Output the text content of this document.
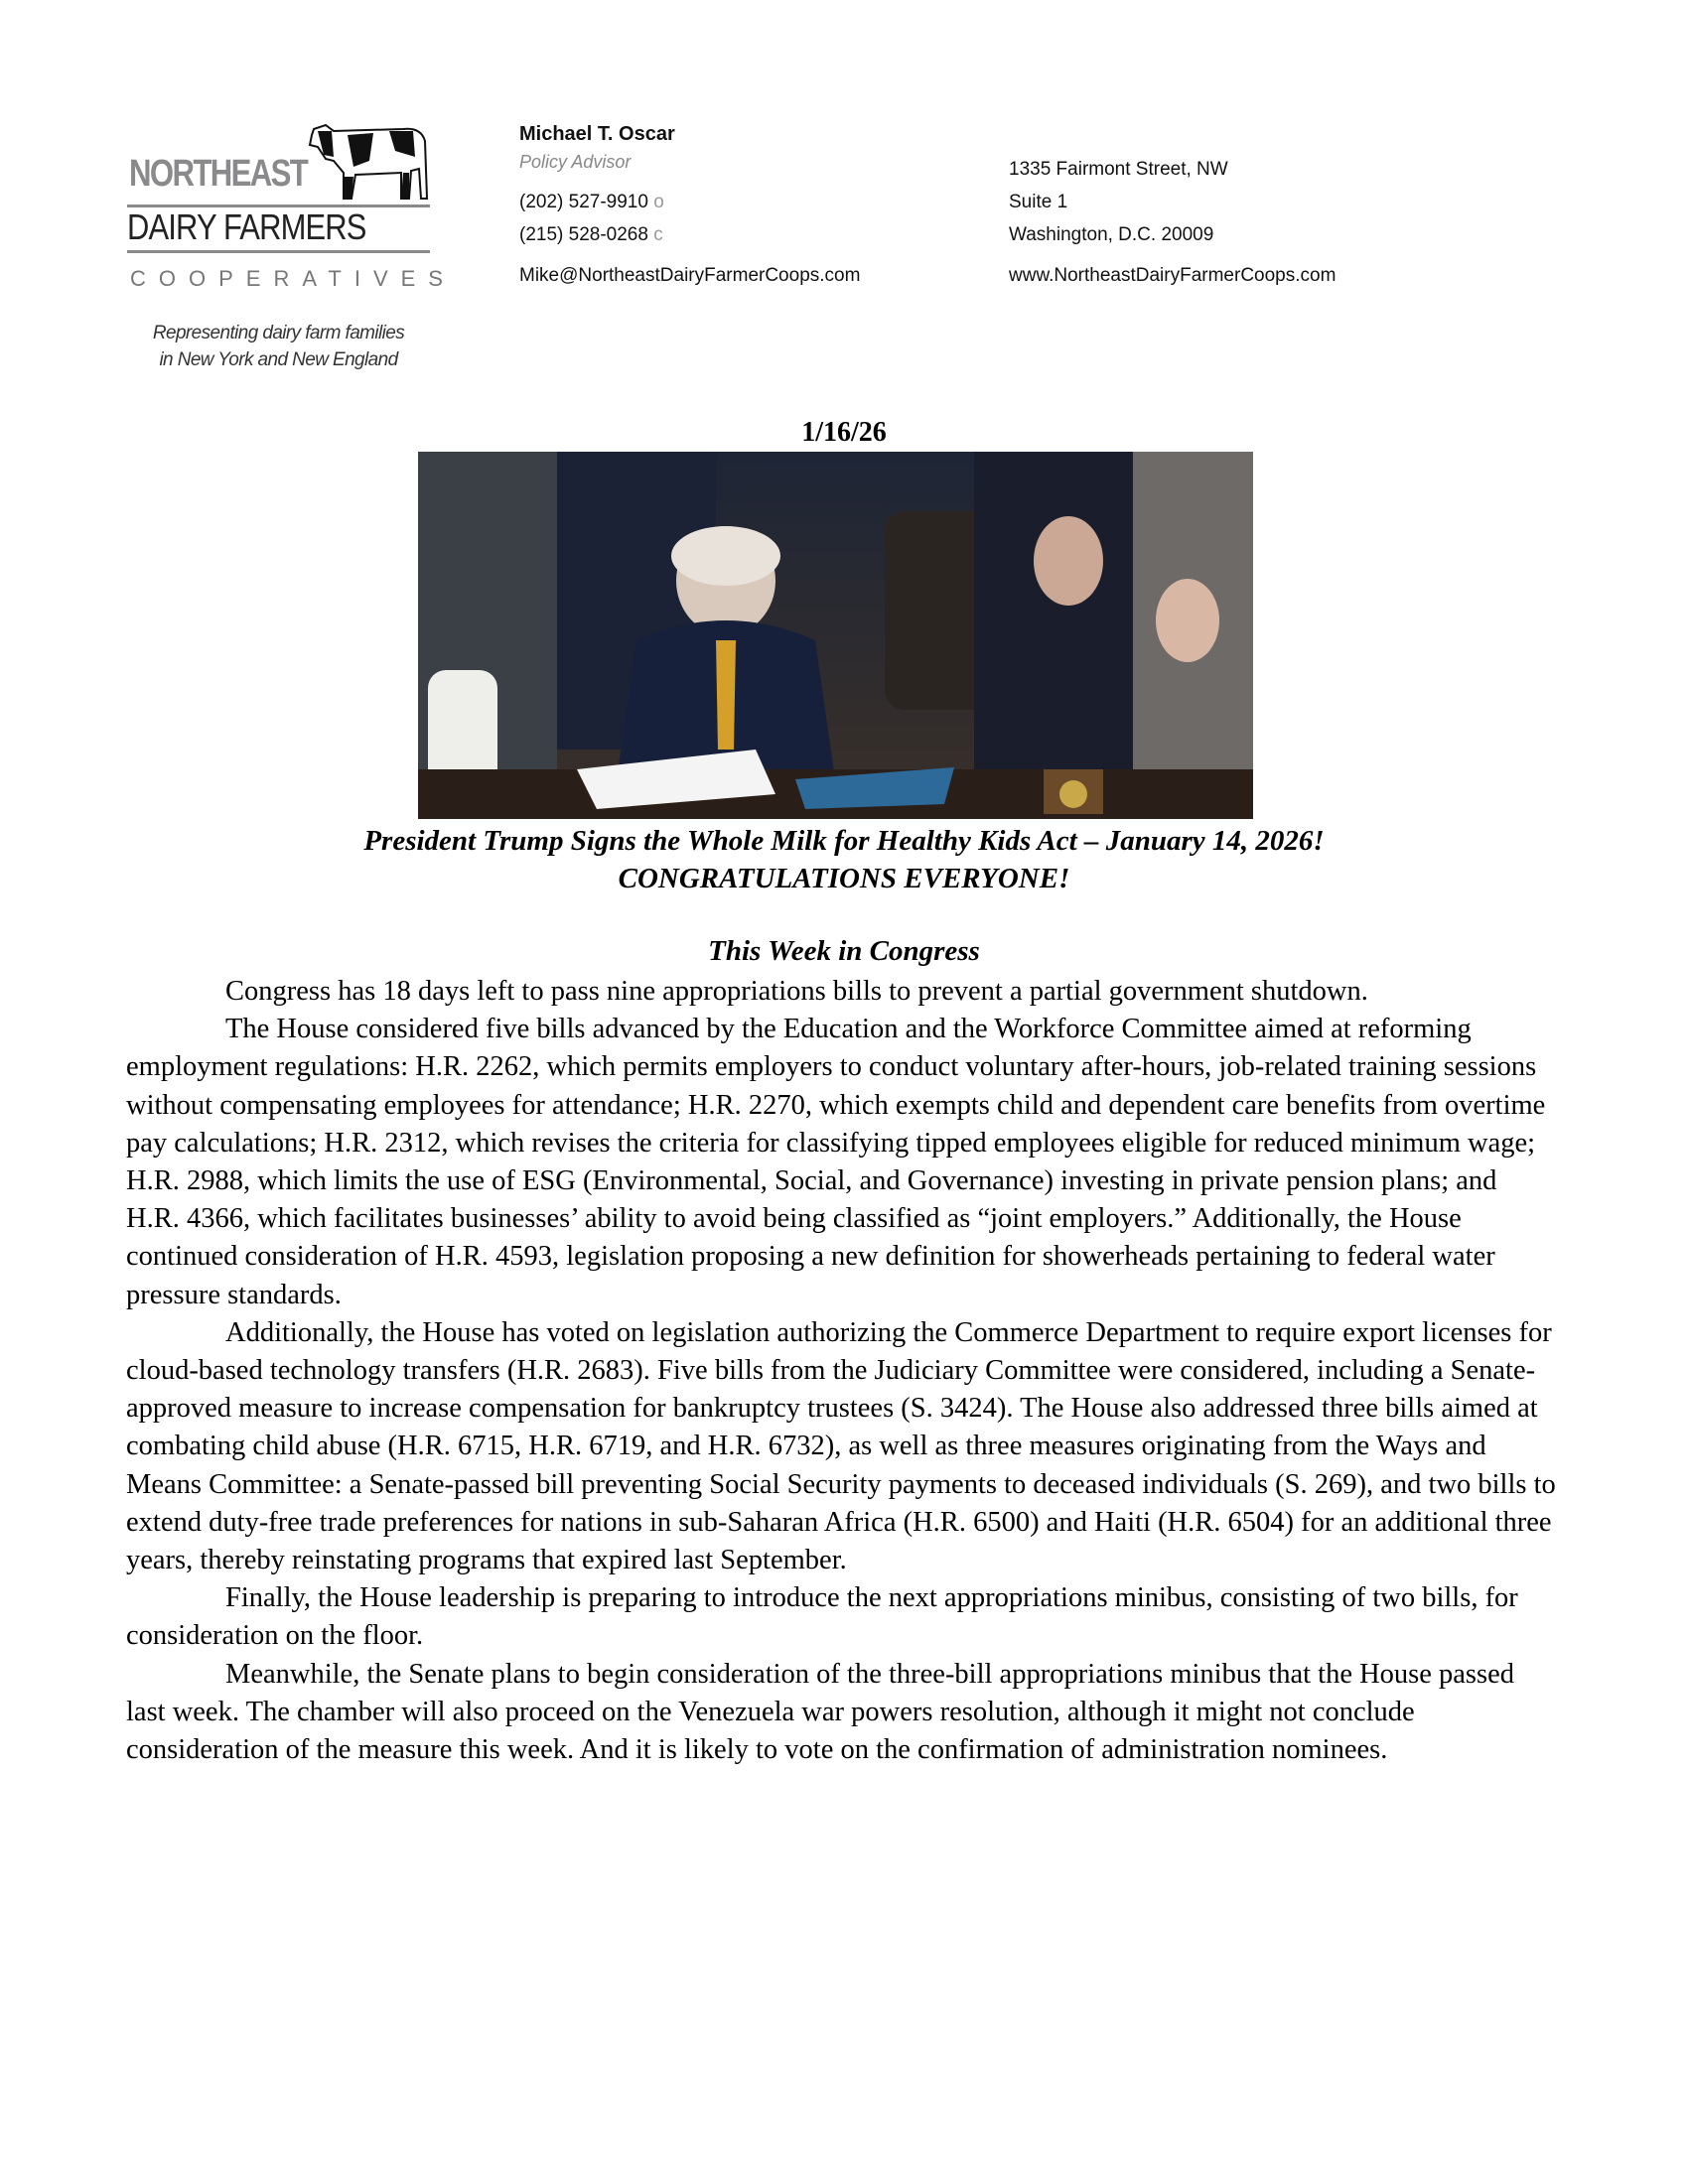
NORTHEAST
DAIRY FARMERS
COOPERATIVES
Representing dairy farm families
in New York and New England
Michael T. Oscar
Policy Advisor
(202) 527-9910 o
(215) 528-0268 c
Mike@NortheastDairyFarmerCoops.com
1335 Fairmont Street, NW
Suite 1
Washington, D.C. 20009
www.NortheastDairyFarmerCoops.com
1/16/26
President Trump Signs the Whole Milk for Healthy Kids Act – January 14, 2026!
CONGRATULATIONS EVERYONE!
This Week in Congress

Congress has 18 days left to pass nine appropriations bills to prevent a partial government shutdown.

The House considered five bills advanced by the Education and the Workforce Committee aimed at reforming employment regulations: H.R. 2262, which permits employers to conduct voluntary after-hours, job-related training sessions without compensating employees for attendance; H.R. 2270, which exempts child and dependent care benefits from overtime pay calculations; H.R. 2312, which revises the criteria for classifying tipped employees eligible for reduced minimum wage; H.R. 2988, which limits the use of ESG (Environmental, Social, and Governance) investing in private pension plans; and H.R. 4366, which facilitates businesses’ ability to avoid being classified as “joint employers.” Additionally, the House continued consideration of H.R. 4593, legislation proposing a new definition for showerheads pertaining to federal water pressure standards.

Additionally, the House has voted on legislation authorizing the Commerce Department to require export licenses for cloud-based technology transfers (H.R. 2683). Five bills from the Judiciary Committee were considered, including a Senate-approved measure to increase compensation for bankruptcy trustees (S. 3424). The House also addressed three bills aimed at combating child abuse (H.R. 6715, H.R. 6719, and H.R. 6732), as well as three measures originating from the Ways and Means Committee: a Senate-passed bill preventing Social Security payments to deceased individuals (S. 269), and two bills to extend duty-free trade preferences for nations in sub-Saharan Africa (H.R. 6500) and Haiti (H.R. 6504) for an additional three years, thereby reinstating programs that expired last September.

Finally, the House leadership is preparing to introduce the next appropriations minibus, consisting of two bills, for consideration on the floor.

Meanwhile, the Senate plans to begin consideration of the three-bill appropriations minibus that the House passed last week. The chamber will also proceed on the Venezuela war powers resolution, although it might not conclude consideration of the measure this week. And it is likely to vote on the confirmation of administration nominees.
